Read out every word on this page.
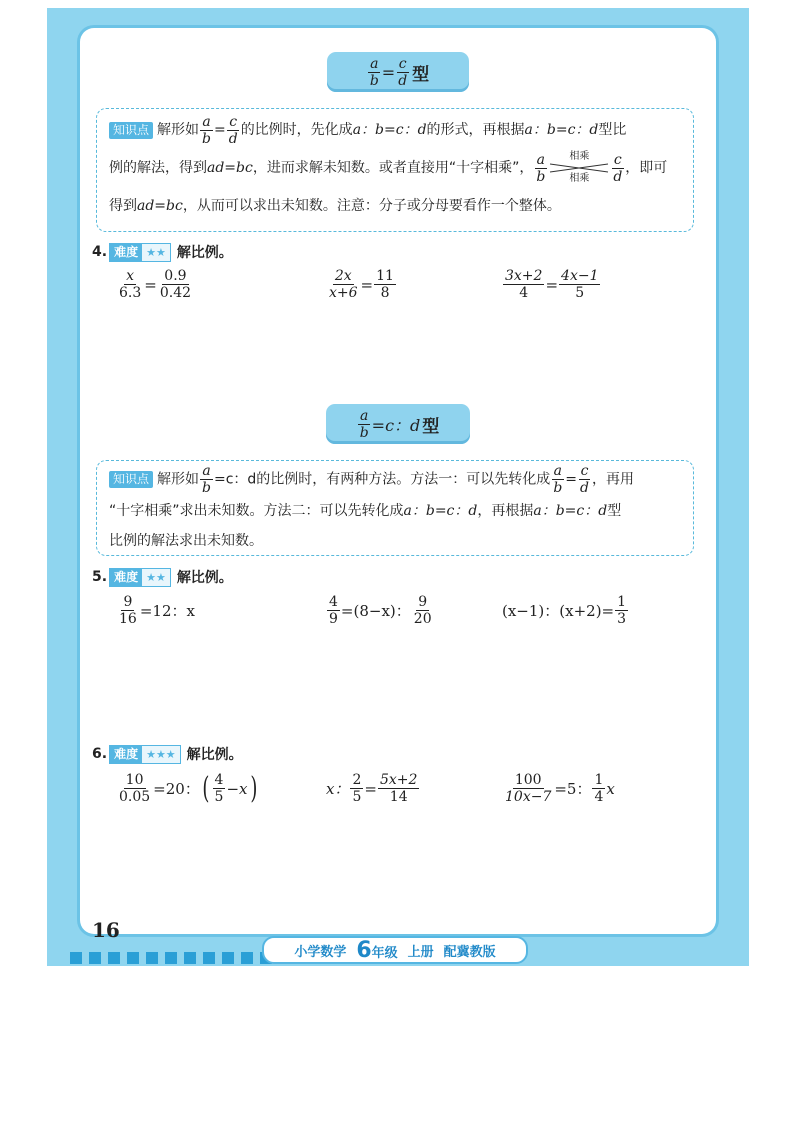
$\frac{a}{b} = \frac{c}{d}$ 型
知识点 解形如 $\frac{a}{b} = \frac{c}{d}$ 的比例时，先化成a：b=c：d的形式，再根据a：b=c：d型比
例的解法，得到ad=bc，进而求解未知数。或者直接用“十字相乘”， $\frac{a}{b}$	相乘
相乘	$\frac{c}{d}$ ，即可
得到ad=bc，从而可以求出未知数。注意：分子或分母要看作一个整体。
4. 难度 ★★ 解比例。
$\frac{x}{6.3} = \frac{0.9}{0.42}$	$\frac{2x}{x+6} = \frac{11}{8}$	$\frac{3x+2}{4} = \frac{4x-1}{5}$
$\frac{a}{b} =c$：d 型
知识点 解形如 $\frac{a}{b} =c$：d的比例时，有两种方法。方法一：可以先转化成 $\frac{a}{b} = \frac{c}{d}$ ，再用
“十字相乘”求出未知数。方法二：可以先转化成a：b=c：d，再根据a：b=c：d型
比例的解法求出未知数。
5. 难度 ★★ 解比例。
$\frac{9}{16} =12$：x	$\frac{4}{9} =(8-x)$： $\frac{9}{20}$	(x−1)：$(x+2)= \frac{1}{3}$
6. 难度 ★★★ 解比例。
$\frac{10}{0.05} =20$： ( $\frac{4}{5} -x$ )	x： $\frac{2}{5} = \frac{5x+2}{14}$	$\frac{100}{10x-7} =5$： $\frac{1}{4}$ x
16
小学数学 6年级 上册 配冀教版
